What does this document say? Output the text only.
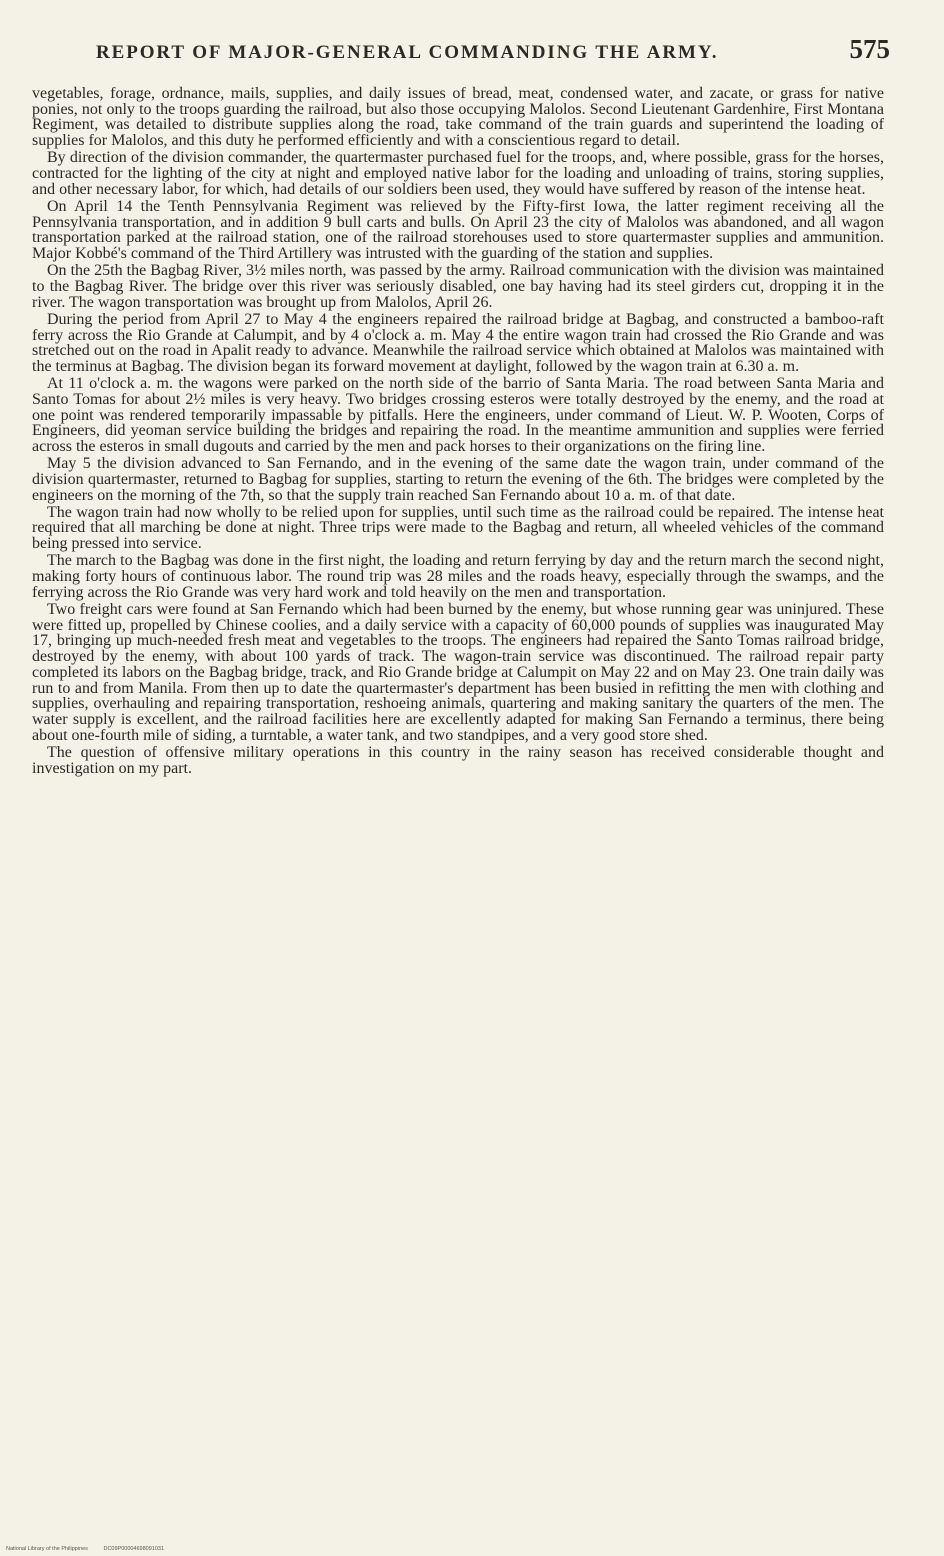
REPORT OF MAJOR-GENERAL COMMANDING THE ARMY.	575

vegetables, forage, ordnance, mails, supplies, and daily issues of bread, meat, condensed water, and zacate, or grass for native ponies, not only to the troops guarding the railroad, but also those occupying Malolos. Second Lieutenant Gardenhire, First Montana Regiment, was detailed to distribute supplies along the road, take command of the train guards and superintend the loading of supplies for Malolos, and this duty he performed efficiently and with a conscientious regard to detail.

By direction of the division commander, the quartermaster purchased fuel for the troops, and, where possible, grass for the horses, contracted for the lighting of the city at night and employed native labor for the loading and unloading of trains, storing supplies, and other necessary labor, for which, had details of our soldiers been used, they would have suffered by reason of the intense heat.

On April 14 the Tenth Pennsylvania Regiment was relieved by the Fifty-first Iowa, the latter regiment receiving all the Pennsylvania transportation, and in addition 9 bull carts and bulls. On April 23 the city of Malolos was abandoned, and all wagon transportation parked at the railroad station, one of the railroad storehouses used to store quartermaster supplies and ammunition. Major Kobbé's command of the Third Artillery was intrusted with the guarding of the station and supplies.

On the 25th the Bagbag River, 3½ miles north, was passed by the army. Railroad communication with the division was maintained to the Bagbag River. The bridge over this river was seriously disabled, one bay having had its steel girders cut, dropping it in the river. The wagon transportation was brought up from Malolos, April 26.

During the period from April 27 to May 4 the engineers repaired the railroad bridge at Bagbag, and constructed a bamboo-raft ferry across the Rio Grande at Calumpit, and by 4 o'clock a. m. May 4 the entire wagon train had crossed the Rio Grande and was stretched out on the road in Apalit ready to advance. Meanwhile the railroad service which obtained at Malolos was maintained with the terminus at Bagbag. The division began its forward movement at daylight, followed by the wagon train at 6.30 a. m.

At 11 o'clock a. m. the wagons were parked on the north side of the barrio of Santa Maria. The road between Santa Maria and Santo Tomas for about 2½ miles is very heavy. Two bridges crossing esteros were totally destroyed by the enemy, and the road at one point was rendered temporarily impassable by pitfalls. Here the engineers, under command of Lieut. W. P. Wooten, Corps of Engineers, did yeoman service building the bridges and repairing the road. In the meantime ammunition and supplies were ferried across the esteros in small dugouts and carried by the men and pack horses to their organizations on the firing line.

May 5 the division advanced to San Fernando, and in the evening of the same date the wagon train, under command of the division quartermaster, returned to Bagbag for supplies, starting to return the evening of the 6th. The bridges were completed by the engineers on the morning of the 7th, so that the supply train reached San Fernando about 10 a. m. of that date.

The wagon train had now wholly to be relied upon for supplies, until such time as the railroad could be repaired. The intense heat required that all marching be done at night. Three trips were made to the Bagbag and return, all wheeled vehicles of the command being pressed into service.

The march to the Bagbag was done in the first night, the loading and return ferrying by day and the return march the second night, making forty hours of continuous labor. The round trip was 28 miles and the roads heavy, especially through the swamps, and the ferrying across the Rio Grande was very hard work and told heavily on the men and transportation.

Two freight cars were found at San Fernando which had been burned by the enemy, but whose running gear was uninjured. These were fitted up, propelled by Chinese coolies, and a daily service with a capacity of 60,000 pounds of supplies was inaugurated May 17, bringing up much-needed fresh meat and vegetables to the troops. The engineers had repaired the Santo Tomas railroad bridge, destroyed by the enemy, with about 100 yards of track. The wagon-train service was discontinued. The railroad repair party completed its labors on the Bagbag bridge, track, and Rio Grande bridge at Calumpit on May 22 and on May 23. One train daily was run to and from Manila. From then up to date the quartermaster's department has been busied in refitting the men with clothing and supplies, overhauling and repairing transportation, reshoeing animals, quartering and making sanitary the quarters of the men. The water supply is excellent, and the railroad facilities here are excellently adapted for making San Fernando a terminus, there being about one-fourth mile of siding, a turntable, a water tank, and two standpipes, and a very good store shed.

The question of offensive military operations in this country in the rainy season has received considerable thought and investigation on my part.

National Library of the Philippines	DC09P00004698091031
